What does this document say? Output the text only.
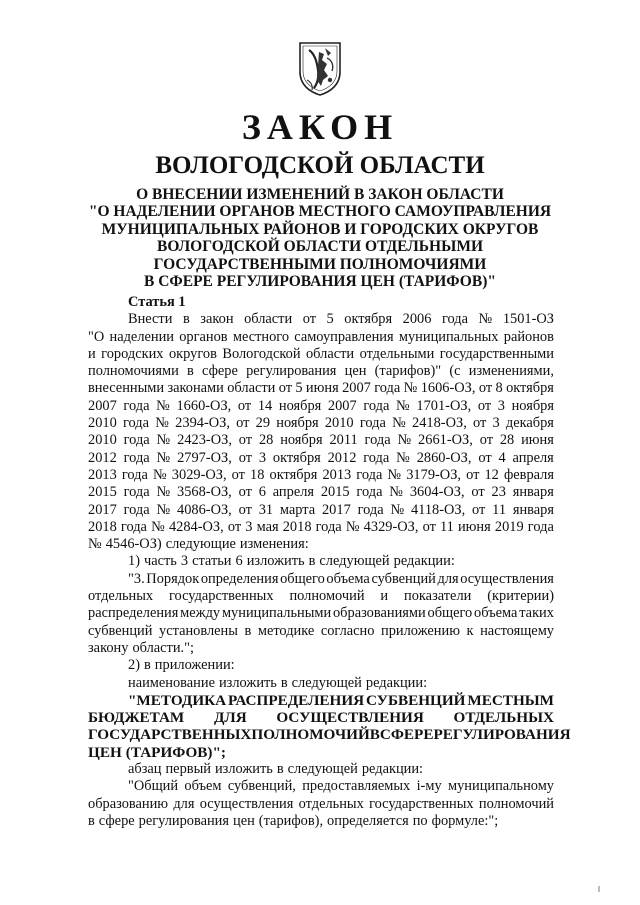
ЗАКОН
ВОЛОГОДСКОЙ ОБЛАСТИ
О ВНЕСЕНИИ ИЗМЕНЕНИЙ В ЗАКОН ОБЛАСТИ
"О НАДЕЛЕНИИ ОРГАНОВ МЕСТНОГО САМОУПРАВЛЕНИЯ
МУНИЦИПАЛЬНЫХ РАЙОНОВ И ГОРОДСКИХ ОКРУГОВ
ВОЛОГОДСКОЙ ОБЛАСТИ ОТДЕЛЬНЫМИ
ГОСУДАРСТВЕННЫМИ ПОЛНОМОЧИЯМИ
В СФЕРЕ РЕГУЛИРОВАНИЯ ЦЕН (ТАРИФОВ)"
Статья 1
Внести в закон области от 5 октября 2006 года № 1501-ОЗ
"О наделении органов местного самоуправления муниципальных районов
и городских округов Вологодской области отдельными государственными
полномочиями в сфере регулирования цен (тарифов)" (с изменениями,
внесенными законами области от 5 июня 2007 года № 1606-ОЗ, от 8 октября
2007 года № 1660-ОЗ, от 14 ноября 2007 года № 1701-ОЗ, от 3 ноября
2010 года № 2394-ОЗ, от 29 ноября 2010 года № 2418-ОЗ, от 3 декабря
2010 года № 2423-ОЗ, от 28 ноября 2011 года № 2661-ОЗ, от 28 июня
2012 года № 2797-ОЗ, от 3 октября 2012 года № 2860-ОЗ, от 4 апреля
2013 года № 3029-ОЗ, от 18 октября 2013 года № 3179-ОЗ, от 12 февраля
2015 года № 3568-ОЗ, от 6 апреля 2015 года № 3604-ОЗ, от 23 января
2017 года № 4086-ОЗ, от 31 марта 2017 года № 4118-ОЗ, от 11 января
2018 года № 4284-ОЗ, от 3 мая 2018 года № 4329-ОЗ, от 11 июня 2019 года
№ 4546-ОЗ) следующие изменения:
1) часть 3 статьи 6 изложить в следующей редакции:
"3. Порядок определения общего объема субвенций для осуществления
отдельных государственных полномочий и показатели (критерии)
распределения между муниципальными образованиями общего объема таких
субвенций установлены в методике согласно приложению к настоящему
закону области.";
2) в приложении:
наименование изложить в следующей редакции:
"МЕТОДИКА РАСПРЕДЕЛЕНИЯ СУБВЕНЦИЙ МЕСТНЫМ
БЮДЖЕТАМ ДЛЯ ОСУЩЕСТВЛЕНИЯ ОТДЕЛЬНЫХ
ГОСУДАРСТВЕННЫХ ПОЛНОМОЧИЙ В СФЕРЕ РЕГУЛИРОВАНИЯ
ЦЕН (ТАРИФОВ)";
абзац первый изложить в следующей редакции:
"Общий объем субвенций, предоставляемых i-му муниципальному
образованию для осуществления отдельных государственных полномочий
в сфере регулирования цен (тарифов), определяется по формуле:";
